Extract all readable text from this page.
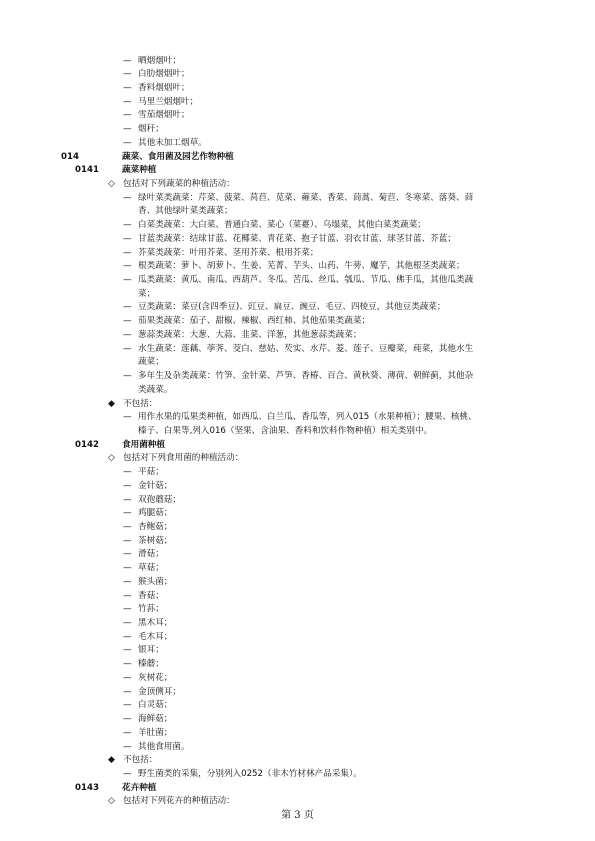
— 晒烟烟叶；
— 白肋烟烟叶；
— 香料烟烟叶；
— 马里兰烟烟叶；
— 雪茄烟烟叶；
— 烟秆；
— 其他未加工烟草。
014	蔬菜、食用菌及园艺作物种植
0141	蔬菜种植
◇ 包括对下列蔬菜的种植活动：
— 绿叶菜类蔬菜：芹菜、菠菜、莴苣、苋菜、蕹菜、香菜、茼蒿、菊苣、冬寒菜、落葵、茴
香、其他绿叶菜类蔬菜；
— 白菜类蔬菜：大白菜、普通白菜、菜心（菜薹）、乌塌菜，其他白菜类蔬菜；
— 甘蓝类蔬菜：结球甘蓝、花椰菜、青花菜、抱子甘蓝、羽衣甘蓝、球茎甘蓝、芥蓝；
— 芥菜类蔬菜：叶用芥菜、茎用芥菜、根用芥菜；
— 根类蔬菜：萝卜、胡萝卜、生姜、芜菁、芋头、山药、牛蒡、魔芋，其他根茎类蔬菜；
— 瓜类蔬菜：黄瓜、南瓜、西葫芦、冬瓜、苦瓜、丝瓜、瓠瓜、节瓜、佛手瓜，其他瓜类蔬
菜；
— 豆类蔬菜：菜豆(含四季豆)、豇豆、扁豆、豌豆、毛豆、四棱豆，其他豆类蔬菜；
— 茄果类蔬菜：茄子、甜椒、辣椒、西红柿、其他茄果类蔬菜；
— 葱蒜类蔬菜：大葱、大蒜、韭菜、洋葱，其他葱蒜类蔬菜；
— 水生蔬菜：莲藕、荸荠、茭白、慈姑、芡实、水芹、菱、莲子、豆瓣菜，莼菜，其他水生
蔬菜；
— 多年生及杂类蔬菜：竹笋、金针菜、芦笋、香椿、百合、黄秋葵、薄荷、朝鲜蓟，其他杂
类蔬菜。
◆ 不包括：
— 用作水果的瓜果类种植，如西瓜、白兰瓜、香瓜等，列入015（水果种植）；腰果、核桃、
榛子、白果等,列入016（坚果、含油果、香料和饮料作物种植）相关类别中。
0142	食用菌种植
◇ 包括对下列食用菌的种植活动：
— 平菇；
— 金针菇；
— 双孢蘑菇；
— 鸡腿菇；
— 杏鲍菇；
— 茶树菇；
— 滑菇；
— 草菇；
— 猴头菌；
— 香菇；
— 竹荪；
— 黑木耳；
— 毛木耳；
— 银耳；
— 榛蘑；
— 灰树花；
— 金顶侧耳；
— 白灵菇；
— 海鲜菇；
— 羊肚菌；
— 其他食用菌。
◆ 不包括：
— 野生菌类的采集，分别列入0252（非木竹材林产品采集）。
0143	花卉种植
◇ 包括对下列花卉的种植活动：
第 3 页
